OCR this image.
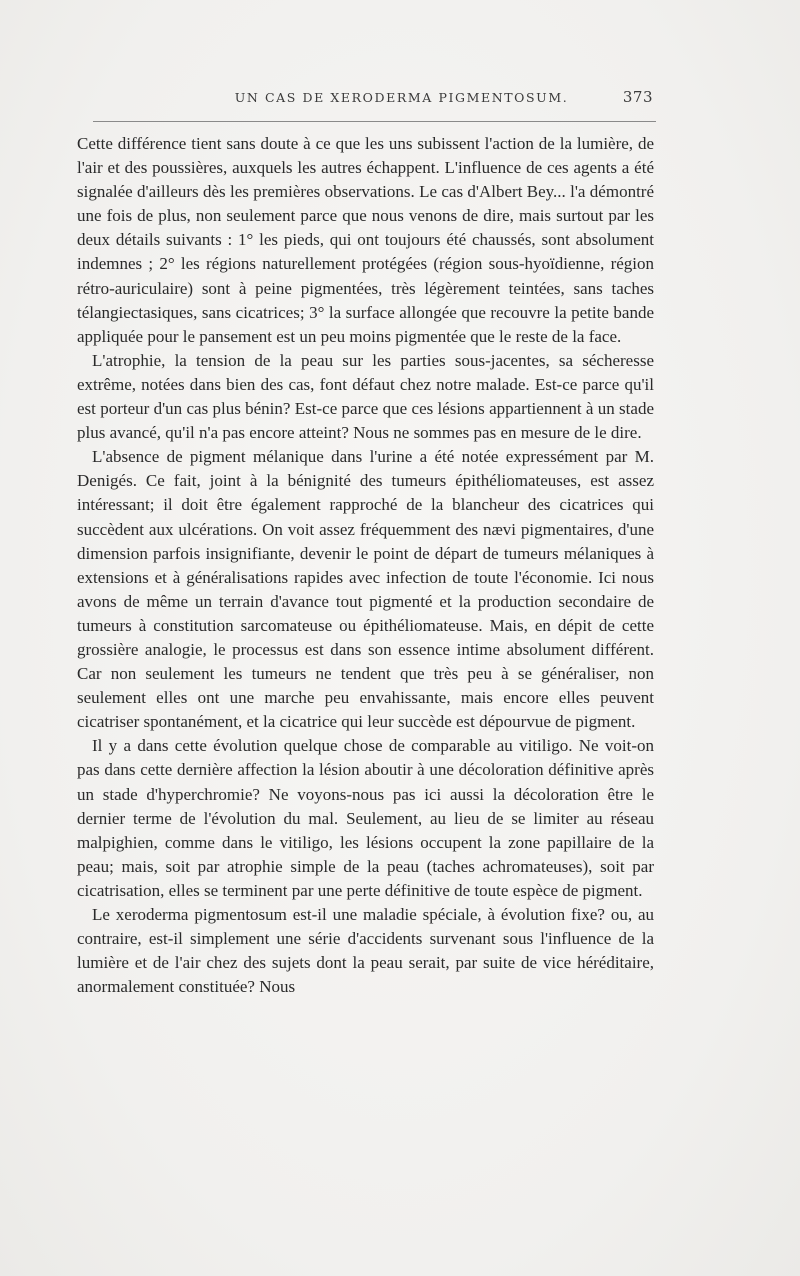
UN CAS DE XERODERMA PIGMENTOSUM.	373

Cette différence tient sans doute à ce que les uns subissent l'action de la lumière, de l'air et des poussières, auxquels les autres échappent. L'influence de ces agents a été signalée d'ailleurs dès les premières observations. Le cas d'Albert Bey... l'a démontré une fois de plus, non seulement parce que nous venons de dire, mais surtout par les deux détails suivants : 1° les pieds, qui ont toujours été chaussés, sont absolument indemnes ; 2° les régions naturellement protégées (région sous-hyoïdienne, région rétro-auriculaire) sont à peine pigmentées, très légèrement teintées, sans taches télangiectasiques, sans cicatrices; 3° la surface allongée que recouvre la petite bande appliquée pour le pansement est un peu moins pigmentée que le reste de la face.

L'atrophie, la tension de la peau sur les parties sous-jacentes, sa sécheresse extrême, notées dans bien des cas, font défaut chez notre malade. Est-ce parce qu'il est porteur d'un cas plus bénin? Est-ce parce que ces lésions appartiennent à un stade plus avancé, qu'il n'a pas encore atteint? Nous ne sommes pas en mesure de le dire.

L'absence de pigment mélanique dans l'urine a été notée expressément par M. Denigés. Ce fait, joint à la bénignité des tumeurs épithéliomateuses, est assez intéressant; il doit être également rapproché de la blancheur des cicatrices qui succèdent aux ulcérations. On voit assez fréquemment des nævi pigmentaires, d'une dimension parfois insignifiante, devenir le point de départ de tumeurs mélaniques à extensions et à généralisations rapides avec infection de toute l'économie. Ici nous avons de même un terrain d'avance tout pigmenté et la production secondaire de tumeurs à constitution sarcomateuse ou épithéliomateuse. Mais, en dépit de cette grossière analogie, le processus est dans son essence intime absolument différent. Car non seulement les tumeurs ne tendent que très peu à se généraliser, non seulement elles ont une marche peu envahissante, mais encore elles peuvent cicatriser spontanément, et la cicatrice qui leur succède est dépourvue de pigment.

Il y a dans cette évolution quelque chose de comparable au vitiligo. Ne voit-on pas dans cette dernière affection la lésion aboutir à une décoloration définitive après un stade d'hyperchromie? Ne voyons-nous pas ici aussi la décoloration être le dernier terme de l'évolution du mal. Seulement, au lieu de se limiter au réseau malpighien, comme dans le vitiligo, les lésions occupent la zone papillaire de la peau; mais, soit par atrophie simple de la peau (taches achromateuses), soit par cicatrisation, elles se terminent par une perte définitive de toute espèce de pigment.

Le xeroderma pigmentosum est-il une maladie spéciale, à évolution fixe? ou, au contraire, est-il simplement une série d'accidents survenant sous l'influence de la lumière et de l'air chez des sujets dont la peau serait, par suite de vice héréditaire, anormalement constituée? Nous
